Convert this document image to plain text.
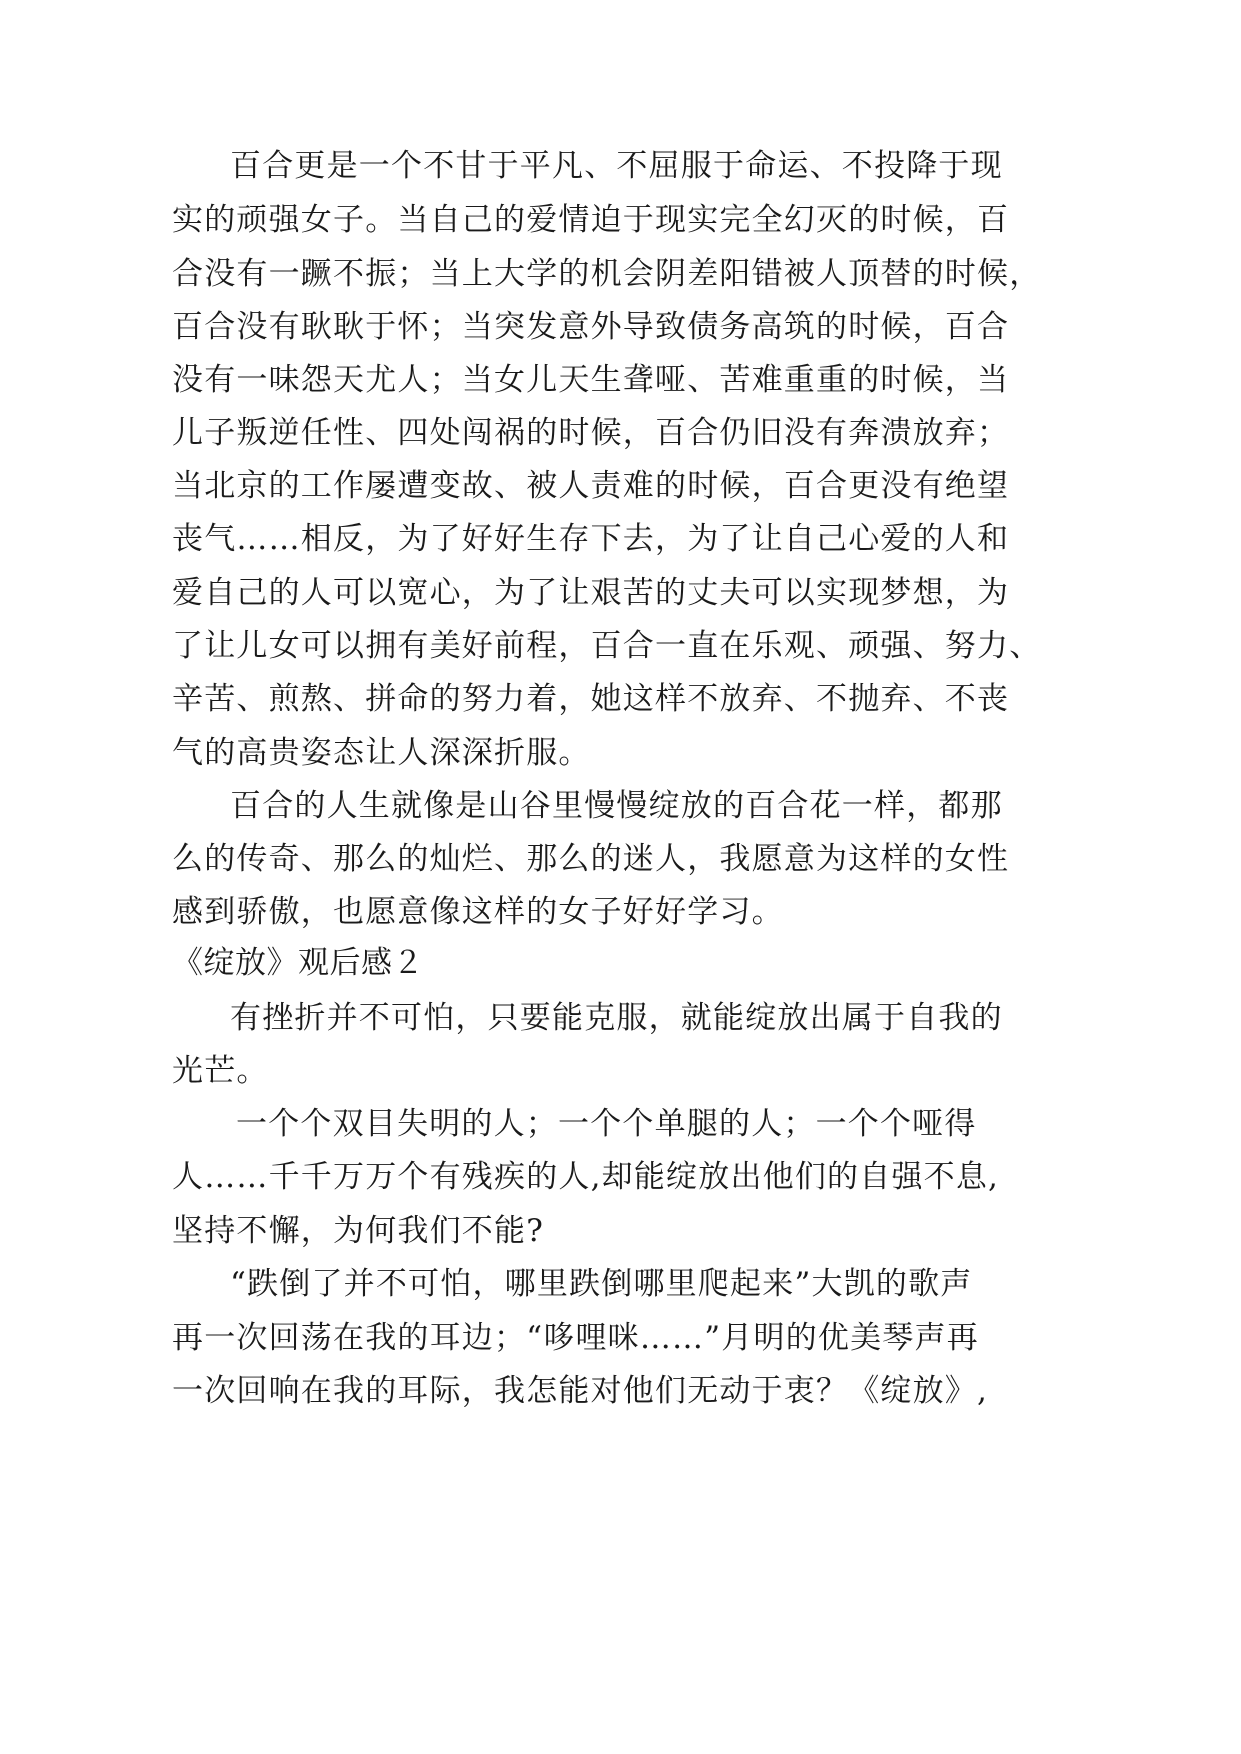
百合更是一个不甘于平凡、不屈服于命运、不投降于现
实的顽强女子。当自己的爱情迫于现实完全幻灭的时候，百
合没有一蹶不振；当上大学的机会阴差阳错被人顶替的时候，
百合没有耿耿于怀；当突发意外导致债务高筑的时候，百合
没有一味怨天尤人；当女儿天生聋哑、苦难重重的时候，当
儿子叛逆任性、四处闯祸的时候，百合仍旧没有奔溃放弃；
当北京的工作屡遭变故、被人责难的时候，百合更没有绝望
丧气……相反，为了好好生存下去，为了让自己心爱的人和
爱自己的人可以宽心，为了让艰苦的丈夫可以实现梦想，为
了让儿女可以拥有美好前程，百合一直在乐观、顽强、努力、
辛苦、煎熬、拼命的努力着，她这样不放弃、不抛弃、不丧
气的高贵姿态让人深深折服。
百合的人生就像是山谷里慢慢绽放的百合花一样，都那
么的传奇、那么的灿烂、那么的迷人，我愿意为这样的女性
感到骄傲，也愿意像这样的女子好好学习。
《绽放》观后感２
有挫折并不可怕，只要能克服，就能绽放出属于自我的
光芒。
一个个双目失明的人；一个个单腿的人；一个个哑得
人……千千万万个有残疾的人,却能绽放出他们的自强不息,
坚持不懈，为何我们不能?
“跌倒了并不可怕，哪里跌倒哪里爬起来”大凯的歌声
再一次回荡在我的耳边；“哆哩咪……”月明的优美琴声再
一次回响在我的耳际，我怎能对他们无动于衷？《绽放》,
